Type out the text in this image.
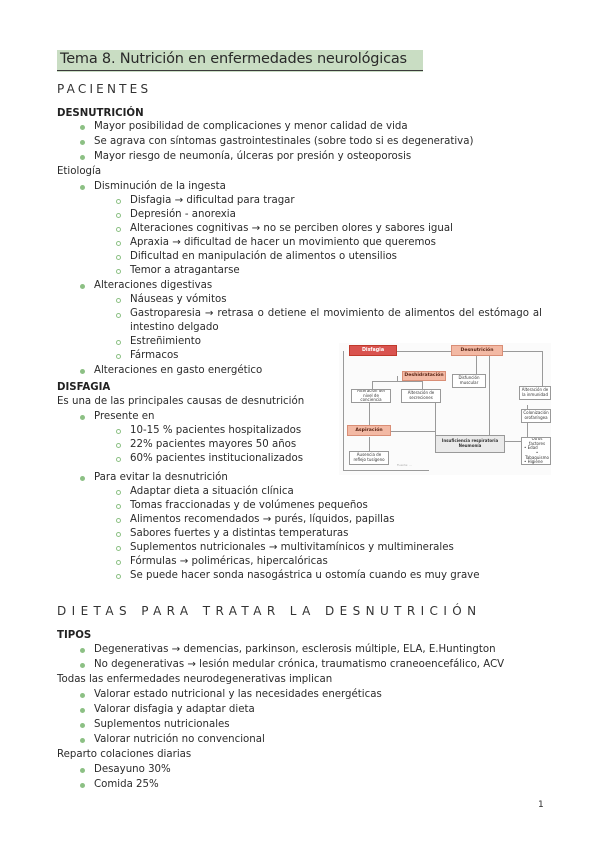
Tema 8. Nutrición en enfermedades neurológicas
PACIENTES
DESNUTRICIÓN
Mayor posibilidad de complicaciones y menor calidad de vida
Se agrava con síntomas gastrointestinales (sobre todo si es degenerativa)
Mayor riesgo de neumonía, úlceras por presión y osteoporosis
Etiología
Disminución de la ingesta
Disfagia → dificultad para tragar
Depresión - anorexia
Alteraciones cognitivas → no se perciben olores y sabores igual
Apraxia → dificultad de hacer un movimiento que queremos
Dificultad en manipulación de alimentos o utensilios
Temor a atragantarse
Alteraciones digestivas
Náuseas y vómitos
Gastroparesia → retrasa o detiene el movimiento de alimentos del estómago al
intestino delgado
Estreñimiento
Fármacos
Alteraciones en gasto energético
DISFAGIA
Es una de las principales causas de desnutrición
Presente en
10-15 % pacientes hospitalizados
22% pacientes mayores 50 años
60% pacientes institucionalizados
Para evitar la desnutrición
Adaptar dieta a situación clínica
Tomas fraccionadas y de volúmenes pequeños
Alimentos recomendados → purés, líquidos, papillas
Sabores fuertes y a distintas temperaturas
Suplementos nutricionales → multivitamínicos y multiminerales
Fórmulas → poliméricas, hipercalóricas
Se puede hacer sonda nasogástrica u ostomía cuando es muy grave
Disfagia	Desnutrición
Deshidratación	Disfunción muscular
Alteración del nivel de conciencia
Alteración de secreciones
Alteración de la inmunidad
Colonización orofaríngea
Aspiración
Insuficiencia respiratoria Neumonía
Otros factores
• Edad
• Tabaquismo
• Higiene
Ausencia de reflejo tusígeno
Fuente: ...
DIETAS PARA TRATAR LA DESNUTRICIÓN
TIPOS
Degenerativas → demencias, parkinson, esclerosis múltiple, ELA, E.Huntington
No degenerativas → lesión medular crónica, traumatismo craneoencefálico, ACV
Todas las enfermedades neurodegenerativas implican
Valorar estado nutricional y las necesidades energéticas
Valorar disfagia y adaptar dieta
Suplementos nutricionales
Valorar nutrición no convencional
Reparto colaciones diarias
Desayuno 30%
Comida 25%
1
